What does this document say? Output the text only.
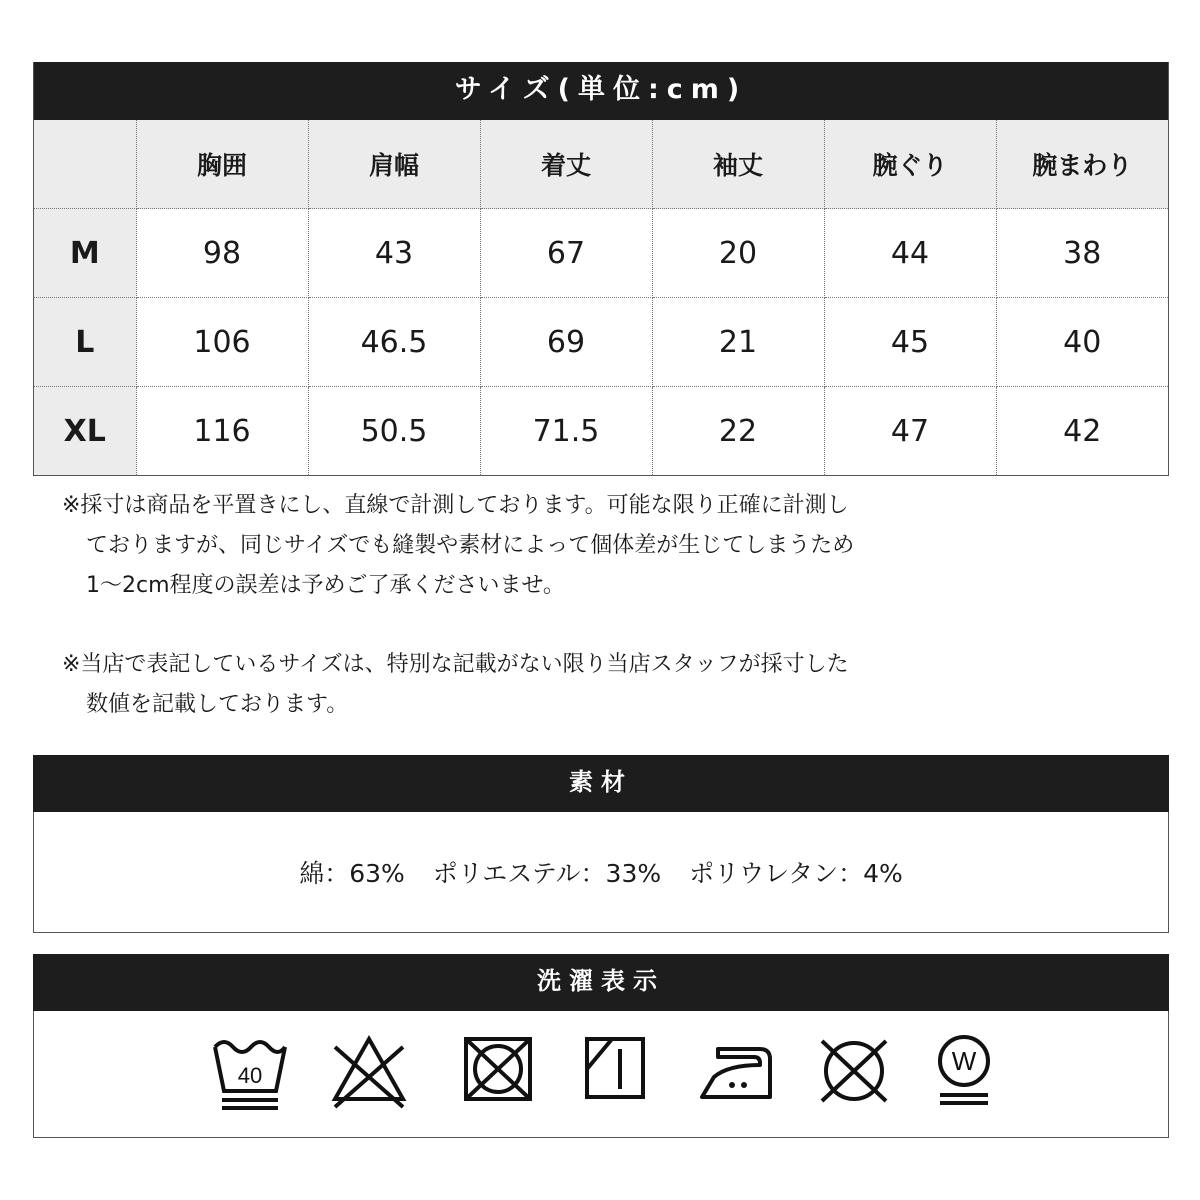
サイズ(単位:cm)
	胸囲	肩幅	着丈	袖丈	腕ぐり	腕まわり
M	98	43	67	20	44	38
L	106	46.5	69	21	45	40
XL	116	50.5	71.5	22	47	42
※採寸は商品を平置きにし、直線で計測しております。可能な限り正確に計測し
ておりますが、同じサイズでも縫製や素材によって個体差が生じてしまうため
1～2cm程度の誤差は予めご了承くださいませ。
※当店で表記しているサイズは、特別な記載がない限り当店スタッフが採寸した
数値を記載しております。
素材
綿：63% ポリエステル：33% ポリウレタン：4%
洗濯表示
40	W
